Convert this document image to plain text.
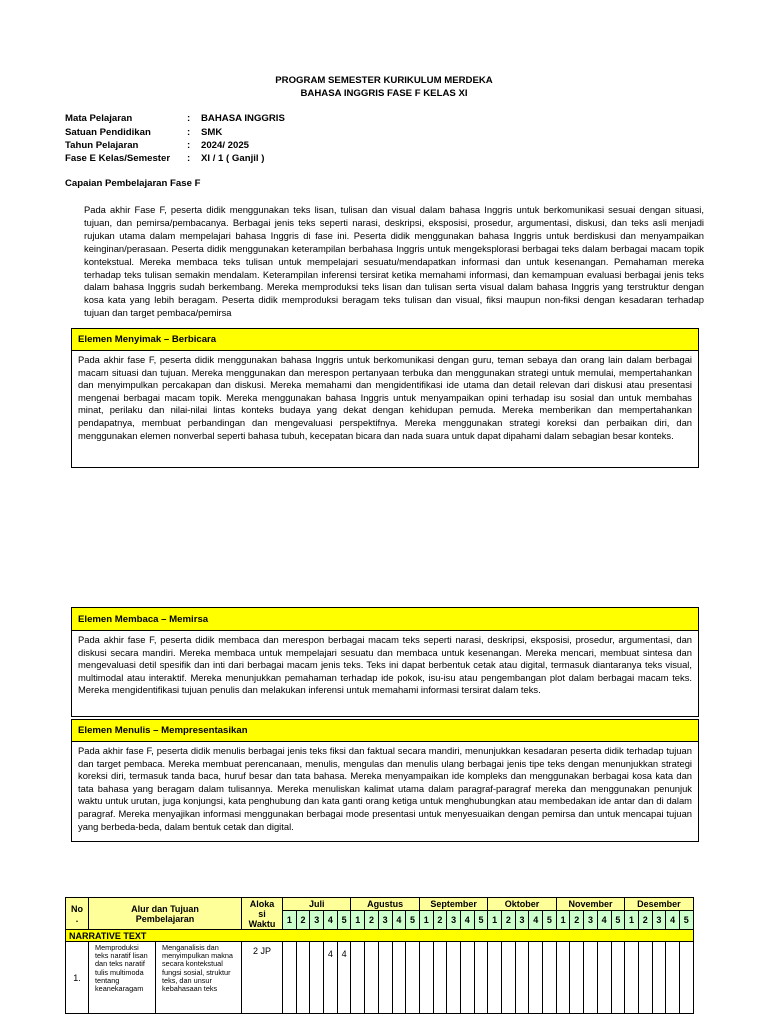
PROGRAM SEMESTER KURIKULUM MERDEKA
BAHASA INGGRIS FASE F KELAS XI
Mata Pelajaran	:	BAHASA INGGRIS
Satuan Pendidikan	:	SMK
Tahun Pelajaran	:	2024/ 2025
Fase E Kelas/Semester	:	XI / 1 ( Ganjil )
Capaian Pembelajaran Fase F
Pada akhir Fase F, peserta didik menggunakan teks lisan, tulisan dan visual dalam bahasa Inggris untuk berkomunikasi sesuai dengan situasi, tujuan, dan pemirsa/pembacanya. Berbagai jenis teks seperti narasi, deskripsi, eksposisi, prosedur, argumentasi, diskusi, dan teks asli menjadi rujukan utama dalam mempelajari bahasa Inggris di fase ini. Peserta didik menggunakan bahasa Inggris untuk berdiskusi dan menyampaikan keinginan/perasaan. Peserta didik menggunakan keterampilan berbahasa Inggris untuk mengeksplorasi berbagai teks dalam berbagai macam topik kontekstual. Mereka membaca teks tulisan untuk mempelajari sesuatu/mendapatkan informasi dan untuk kesenangan. Pemahaman mereka terhadap teks tulisan semakin mendalam. Keterampilan inferensi tersirat ketika memahami informasi, dan kemampuan evaluasi berbagai jenis teks dalam bahasa Inggris sudah berkembang. Mereka memproduksi teks lisan dan tulisan serta visual dalam bahasa Inggris yang terstruktur dengan kosa kata yang lebih beragam. Peserta didik memproduksi beragam teks tulisan dan visual, fiksi maupun non-fiksi dengan kesadaran terhadap tujuan dan target pembaca/pemirsa
Elemen Menyimak – Berbicara
Pada akhir fase F, peserta didik menggunakan bahasa Inggris untuk berkomunikasi dengan guru, teman sebaya dan orang lain dalam berbagai macam situasi dan tujuan. Mereka menggunakan dan merespon pertanyaan terbuka dan menggunakan strategi untuk memulai, mempertahankan dan menyimpulkan percakapan dan diskusi. Mereka memahami dan mengidentifikasi ide utama dan detail relevan dari diskusi atau presentasi mengenai berbagai macam topik. Mereka menggunakan bahasa Inggris untuk menyampaikan opini terhadap isu sosial dan untuk membahas minat, perilaku dan nilai-nilai lintas konteks budaya yang dekat dengan kehidupan pemuda. Mereka memberikan dan mempertahankan pendapatnya, membuat perbandingan dan mengevaluasi perspektifnya. Mereka menggunakan strategi koreksi dan perbaikan diri, dan menggunakan elemen nonverbal seperti bahasa tubuh, kecepatan bicara dan nada suara untuk dapat dipahami dalam sebagian besar konteks.
Elemen Membaca – Memirsa
Pada akhir fase F, peserta didik membaca dan merespon berbagai macam teks seperti narasi, deskripsi, eksposisi, prosedur, argumentasi, dan diskusi secara mandiri. Mereka membaca untuk mempelajari sesuatu dan membaca untuk kesenangan. Mereka mencari, membuat sintesa dan mengevaluasi detil spesifik dan inti dari berbagai macam jenis teks. Teks ini dapat berbentuk cetak atau digital, termasuk diantaranya teks visual, multimodal atau interaktif. Mereka menunjukkan pemahaman terhadap ide pokok, isu-isu atau pengembangan plot dalam berbagai macam teks. Mereka mengidentifikasi tujuan penulis dan melakukan inferensi untuk memahami informasi tersirat dalam teks.
Elemen Menulis – Mempresentasikan
Pada akhir fase F, peserta didik menulis berbagai jenis teks fiksi dan faktual secara mandiri, menunjukkan kesadaran peserta didik terhadap tujuan dan target pembaca. Mereka membuat perencanaan, menulis, mengulas dan menulis ulang berbagai jenis tipe teks dengan menunjukkan strategi koreksi diri, termasuk tanda baca, huruf besar dan tata bahasa. Mereka menyampaikan ide kompleks dan menggunakan berbagai kosa kata dan tata bahasa yang beragam dalam tulisannya. Mereka menuliskan kalimat utama dalam paragraf-paragraf mereka dan menggunakan penunjuk waktu untuk urutan, juga konjungsi, kata penghubung dan kata ganti orang ketiga untuk menghubungkan atau membedakan ide antar dan di dalam paragraf. Mereka menyajikan informasi menggunakan berbagai mode presentasi untuk menyesuaikan dengan pemirsa dan untuk mencapai tujuan yang berbeda-beda, dalam bentuk cetak dan digital.
No
.	Alur dan Tujuan
Pembelajaran		Aloka
si
Waktu	Juli					Agustus					September					Oktober					November					Desember				
				1	2	3	4	5	1	2	3	4	5	1	2	3	4	5	1	2	3	4	5	1	2	3	4	5	1	2	3	4	5
NARRATIVE TEXT																																	
1.	Memproduksi teks naratif lisan dan teks naratif tulis multimoda tentang keanekaragam	Menganalisis dan menyimpulkan makna secara kontekstual fungsi sosial, struktur teks, dan unsur kebahasaan teks	2 JP				4	4																									
